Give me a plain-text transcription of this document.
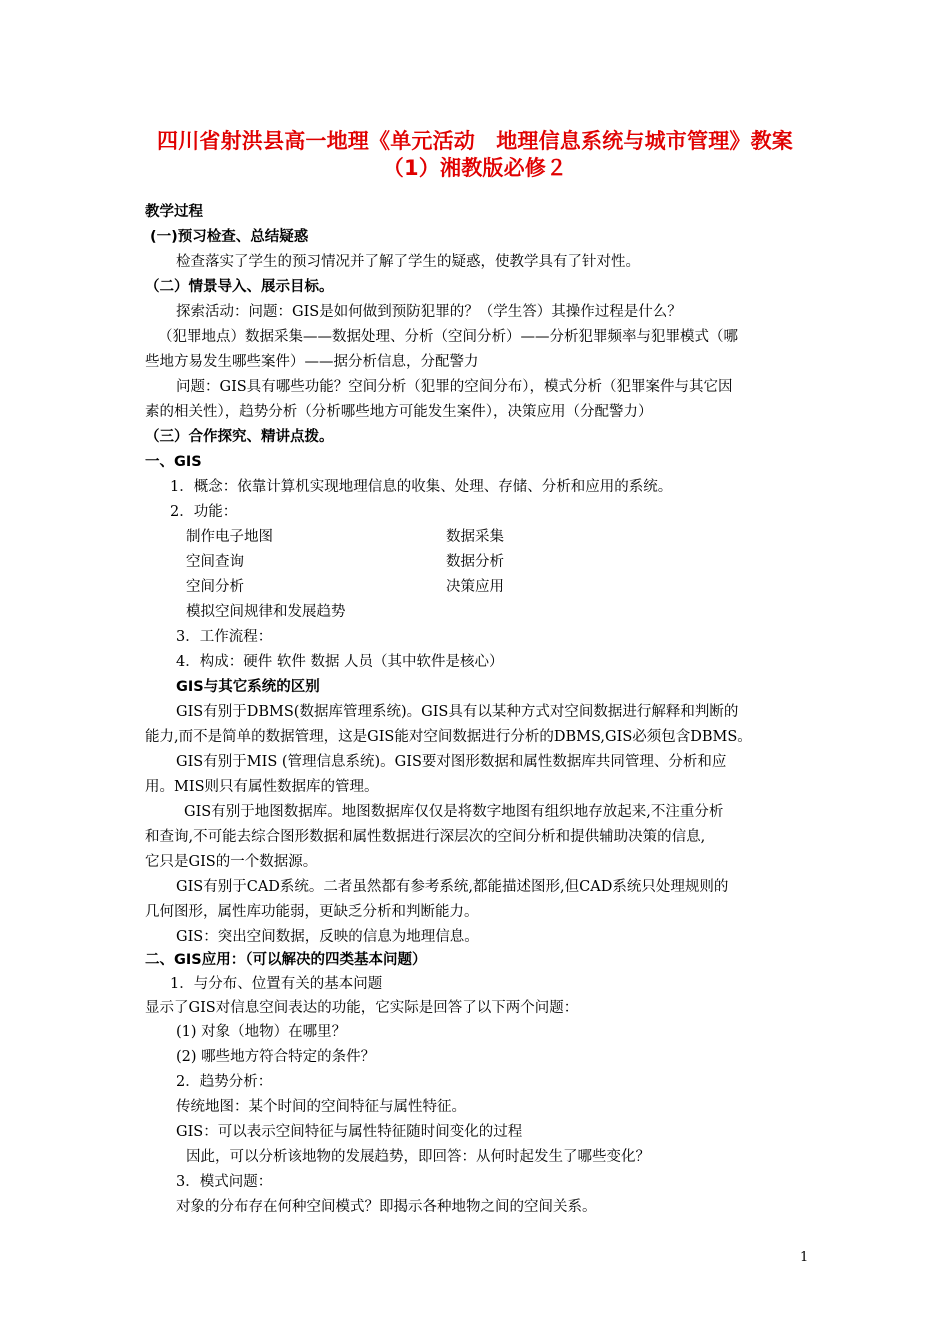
四川省射洪县高一地理《单元活动　地理信息系统与城市管理》教案
（1）湘教版必修２
教学过程
(一)预习检查、总结疑惑
检查落实了学生的预习情况并了解了学生的疑惑，使教学具有了针对性。
（二）情景导入、展示目标。
探索活动：问题：GIS是如何做到预防犯罪的？（学生答）其操作过程是什么？
（犯罪地点）数据采集——数据处理、分析（空间分析）——分析犯罪频率与犯罪模式（哪
些地方易发生哪些案件）——据分析信息，分配警力
问题：GIS具有哪些功能？空间分析（犯罪的空间分布），模式分析（犯罪案件与其它因
素的相关性），趋势分析（分析哪些地方可能发生案件），决策应用（分配警力）
（三）合作探究、精讲点拨。
一、GIS
1．概念：依靠计算机实现地理信息的收集、处理、存储、分析和应用的系统。
2．功能：
制作电子地图	数据采集
空间查询	数据分析
空间分析	决策应用
模拟空间规律和发展趋势
3．工作流程：
4．构成：硬件 软件 数据 人员（其中软件是核心）
GIS与其它系统的区别
GIS有别于DBMS(数据库管理系统)。GIS具有以某种方式对空间数据进行解释和判断的
能力,而不是简单的数据管理，这是GIS能对空间数据进行分析的DBMS,GIS必须包含DBMS。
GIS有别于MIS (管理信息系统)。GIS要对图形数据和属性数据库共同管理、分析和应
用。MIS则只有属性数据库的管理。
GIS有别于地图数据库。地图数据库仅仅是将数字地图有组织地存放起来,不注重分析
和查询,不可能去综合图形数据和属性数据进行深层次的空间分析和提供辅助决策的信息,
它只是GIS的一个数据源。
GIS有别于CAD系统。二者虽然都有参考系统,都能描述图形,但CAD系统只处理规则的
几何图形，属性库功能弱，更缺乏分析和判断能力。
GIS：突出空间数据，反映的信息为地理信息。
二、GIS应用：（可以解决的四类基本问题）
1．与分布、位置有关的基本问题
显示了GIS对信息空间表达的功能，它实际是回答了以下两个问题：
(1) 对象（地物）在哪里？
(2) 哪些地方符合特定的条件？
2．趋势分析：
传统地图：某个时间的空间特征与属性特征。
GIS：可以表示空间特征与属性特征随时间变化的过程
因此，可以分析该地物的发展趋势，即回答：从何时起发生了哪些变化？
3．模式问题：
对象的分布存在何种空间模式？即揭示各种地物之间的空间关系。
1
